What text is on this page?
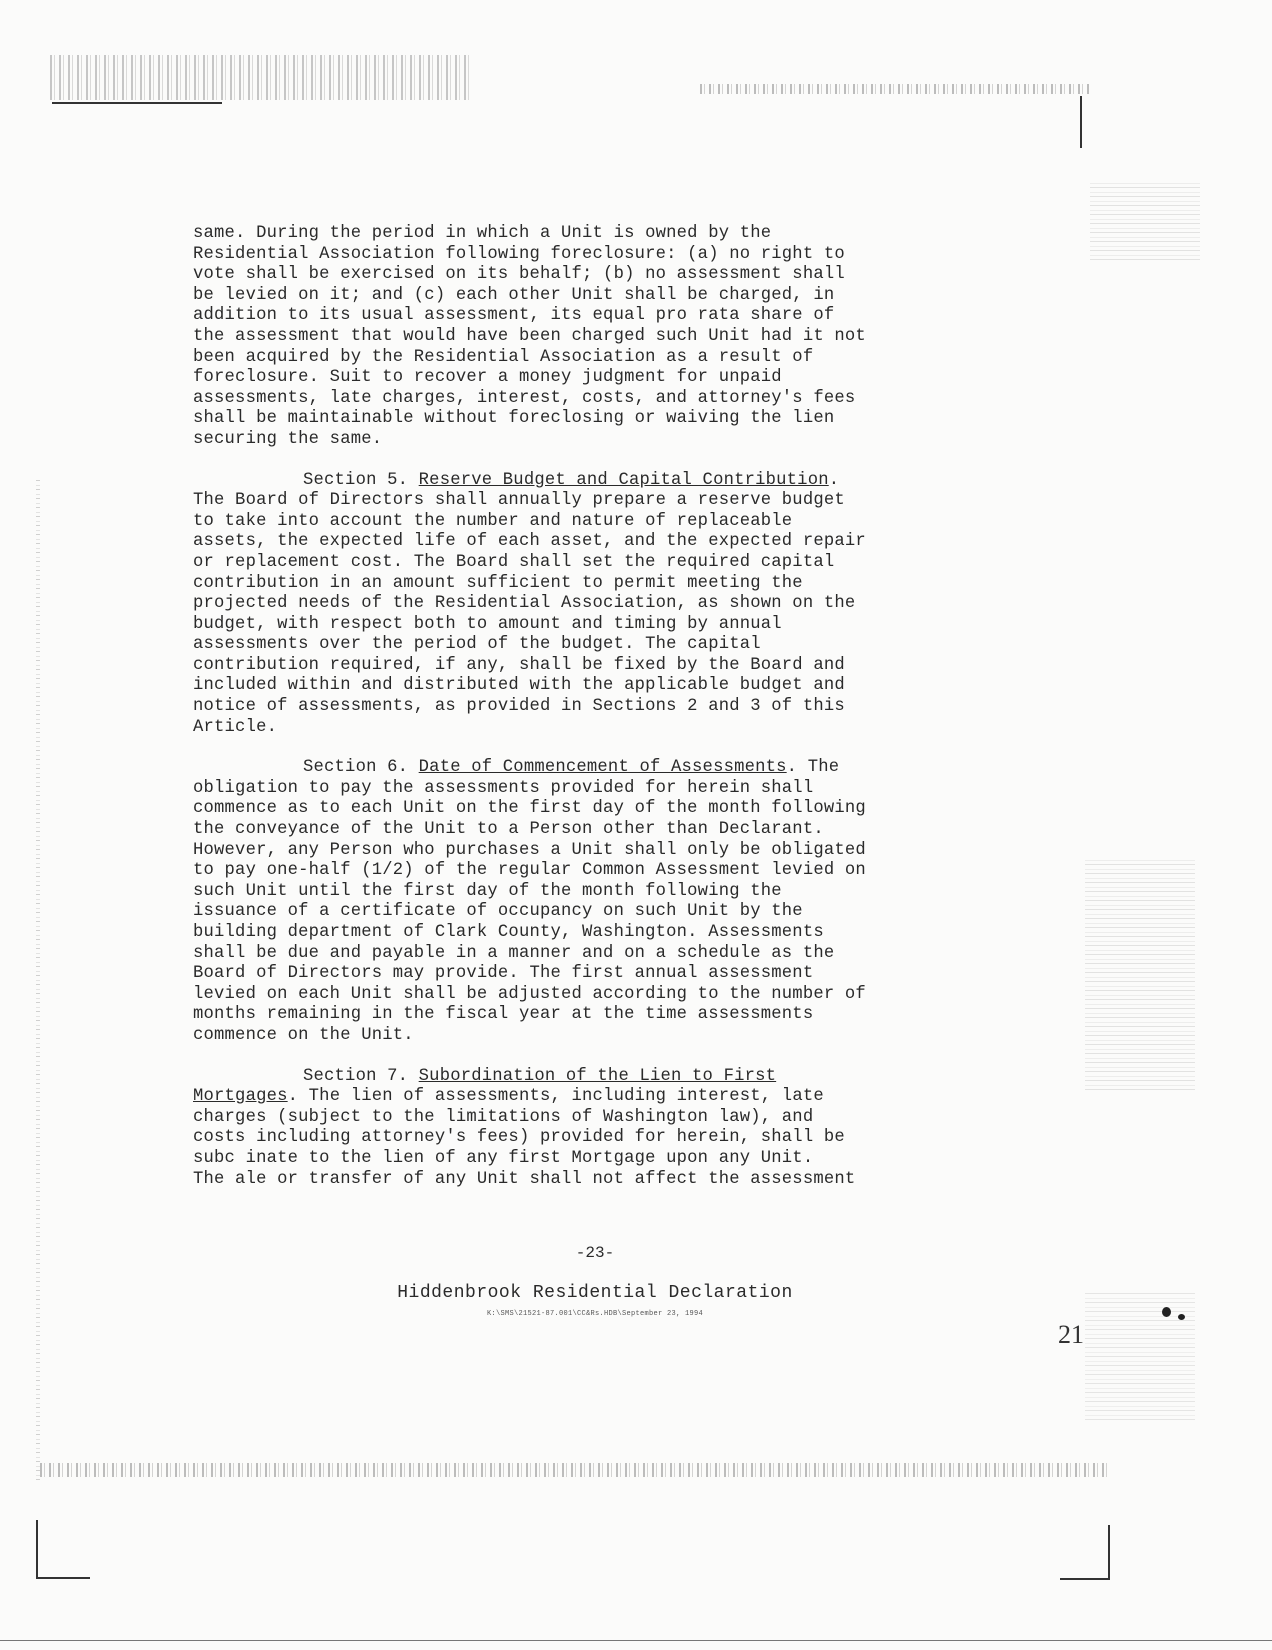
same. During the period in which a Unit is owned by the
Residential Association following foreclosure: (a) no right to
vote shall be exercised on its behalf; (b) no assessment shall
be levied on it; and (c) each other Unit shall be charged, in
addition to its usual assessment, its equal pro rata share of
the assessment that would have been charged such Unit had it not
been acquired by the Residential Association as a result of
foreclosure. Suit to recover a money judgment for unpaid
assessments, late charges, interest, costs, and attorney's fees
shall be maintainable without foreclosing or waiving the lien
securing the same.

Section 5. Reserve Budget and Capital Contribution.
The Board of Directors shall annually prepare a reserve budget
to take into account the number and nature of replaceable
assets, the expected life of each asset, and the expected repair
or replacement cost. The Board shall set the required capital
contribution in an amount sufficient to permit meeting the
projected needs of the Residential Association, as shown on the
budget, with respect both to amount and timing by annual
assessments over the period of the budget. The capital
contribution required, if any, shall be fixed by the Board and
included within and distributed with the applicable budget and
notice of assessments, as provided in Sections 2 and 3 of this
Article.

Section 6. Date of Commencement of Assessments. The
obligation to pay the assessments provided for herein shall
commence as to each Unit on the first day of the month following
the conveyance of the Unit to a Person other than Declarant.
However, any Person who purchases a Unit shall only be obligated
to pay one-half (1/2) of the regular Common Assessment levied on
such Unit until the first day of the month following the
issuance of a certificate of occupancy on such Unit by the
building department of Clark County, Washington. Assessments
shall be due and payable in a manner and on a schedule as the
Board of Directors may provide. The first annual assessment
levied on each Unit shall be adjusted according to the number of
months remaining in the fiscal year at the time assessments
commence on the Unit.

Section 7. Subordination of the Lien to First
Mortgages. The lien of assessments, including interest, late
charges (subject to the limitations of Washington law), and
costs including attorney's fees) provided for herein, shall be
subc inate to the lien of any first Mortgage upon any Unit.
The ale or transfer of any Unit shall not affect the assessment

-23-
Hiddenbrook Residential Declaration
K:\SMS\21521-87.001\CC&Rs.HDB\September 23, 1994
21
